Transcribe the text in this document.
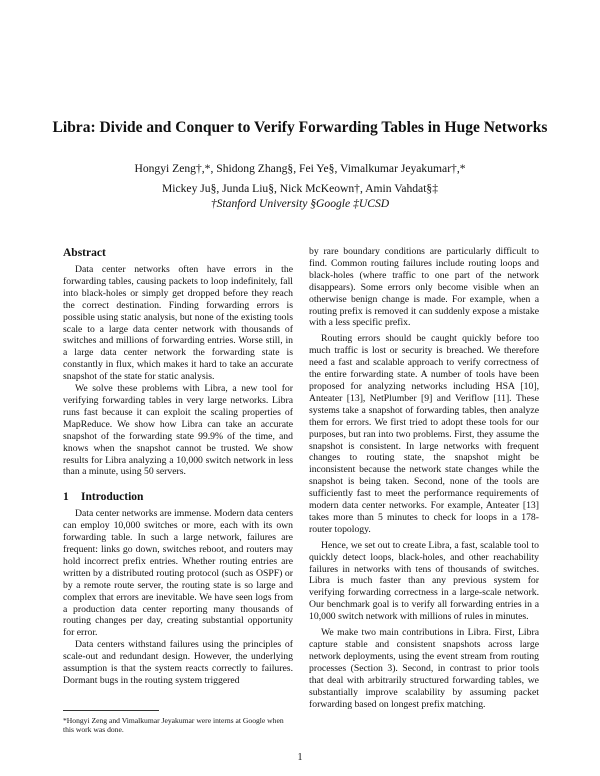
Libra: Divide and Conquer to Verify Forwarding Tables in Huge Networks
Hongyi Zeng†,*, Shidong Zhang§, Fei Ye§, Vimalkumar Jeyakumar†,*
Mickey Ju§, Junda Liu§, Nick McKeown†, Amin Vahdat§‡
†Stanford University §Google ‡UCSD
Abstract

Data center networks often have errors in the forwarding tables, causing packets to loop indefinitely, fall into black-holes or simply get dropped before they reach the correct destination. Finding forwarding errors is possible using static analysis, but none of the existing tools scale to a large data center network with thousands of switches and millions of forwarding entries. Worse still, in a large data center network the forwarding state is constantly in flux, which makes it hard to take an accurate snapshot of the state for static analysis.

We solve these problems with Libra, a new tool for verifying forwarding tables in very large networks. Libra runs fast because it can exploit the scaling properties of MapReduce. We show how Libra can take an accurate snapshot of the forwarding state 99.9% of the time, and knows when the snapshot cannot be trusted. We show results for Libra analyzing a 10,000 switch network in less than a minute, using 50 servers.

1 Introduction

Data center networks are immense. Modern data centers can employ 10,000 switches or more, each with its own forwarding table. In such a large network, failures are frequent: links go down, switches reboot, and routers may hold incorrect prefix entries. Whether routing entries are written by a distributed routing protocol (such as OSPF) or by a remote route server, the routing state is so large and complex that errors are inevitable. We have seen logs from a production data center reporting many thousands of routing changes per day, creating substantial opportunity for error.

Data centers withstand failures using the principles of scale-out and redundant design. However, the underlying assumption is that the system reacts correctly to failures. Dormant bugs in the routing system triggered

by rare boundary conditions are particularly difficult to find. Common routing failures include routing loops and black-holes (where traffic to one part of the network disappears). Some errors only become visible when an otherwise benign change is made. For example, when a routing prefix is removed it can suddenly expose a mistake with a less specific prefix.

Routing errors should be caught quickly before too much traffic is lost or security is breached. We therefore need a fast and scalable approach to verify correctness of the entire forwarding state. A number of tools have been proposed for analyzing networks including HSA [10], Anteater [13], NetPlumber [9] and Veriflow [11]. These systems take a snapshot of forwarding tables, then analyze them for errors. We first tried to adopt these tools for our purposes, but ran into two problems. First, they assume the snapshot is consistent. In large networks with frequent changes to routing state, the snapshot might be inconsistent because the network state changes while the snapshot is being taken. Second, none of the tools are sufficiently fast to meet the performance requirements of modern data center networks. For example, Anteater [13] takes more than 5 minutes to check for loops in a 178-router topology.

Hence, we set out to create Libra, a fast, scalable tool to quickly detect loops, black-holes, and other reachability failures in networks with tens of thousands of switches. Libra is much faster than any previous system for verifying forwarding correctness in a large-scale network. Our benchmark goal is to verify all forwarding entries in a 10,000 switch network with millions of rules in minutes.

We make two main contributions in Libra. First, Libra capture stable and consistent snapshots across large network deployments, using the event stream from routing processes (Section 3). Second, in contrast to prior tools that deal with arbitrarily structured forwarding tables, we substantially improve scalability by assuming packet forwarding based on longest prefix matching.

*Hongyi Zeng and Vimalkumar Jeyakumar were interns at Google when this work was done.
1
